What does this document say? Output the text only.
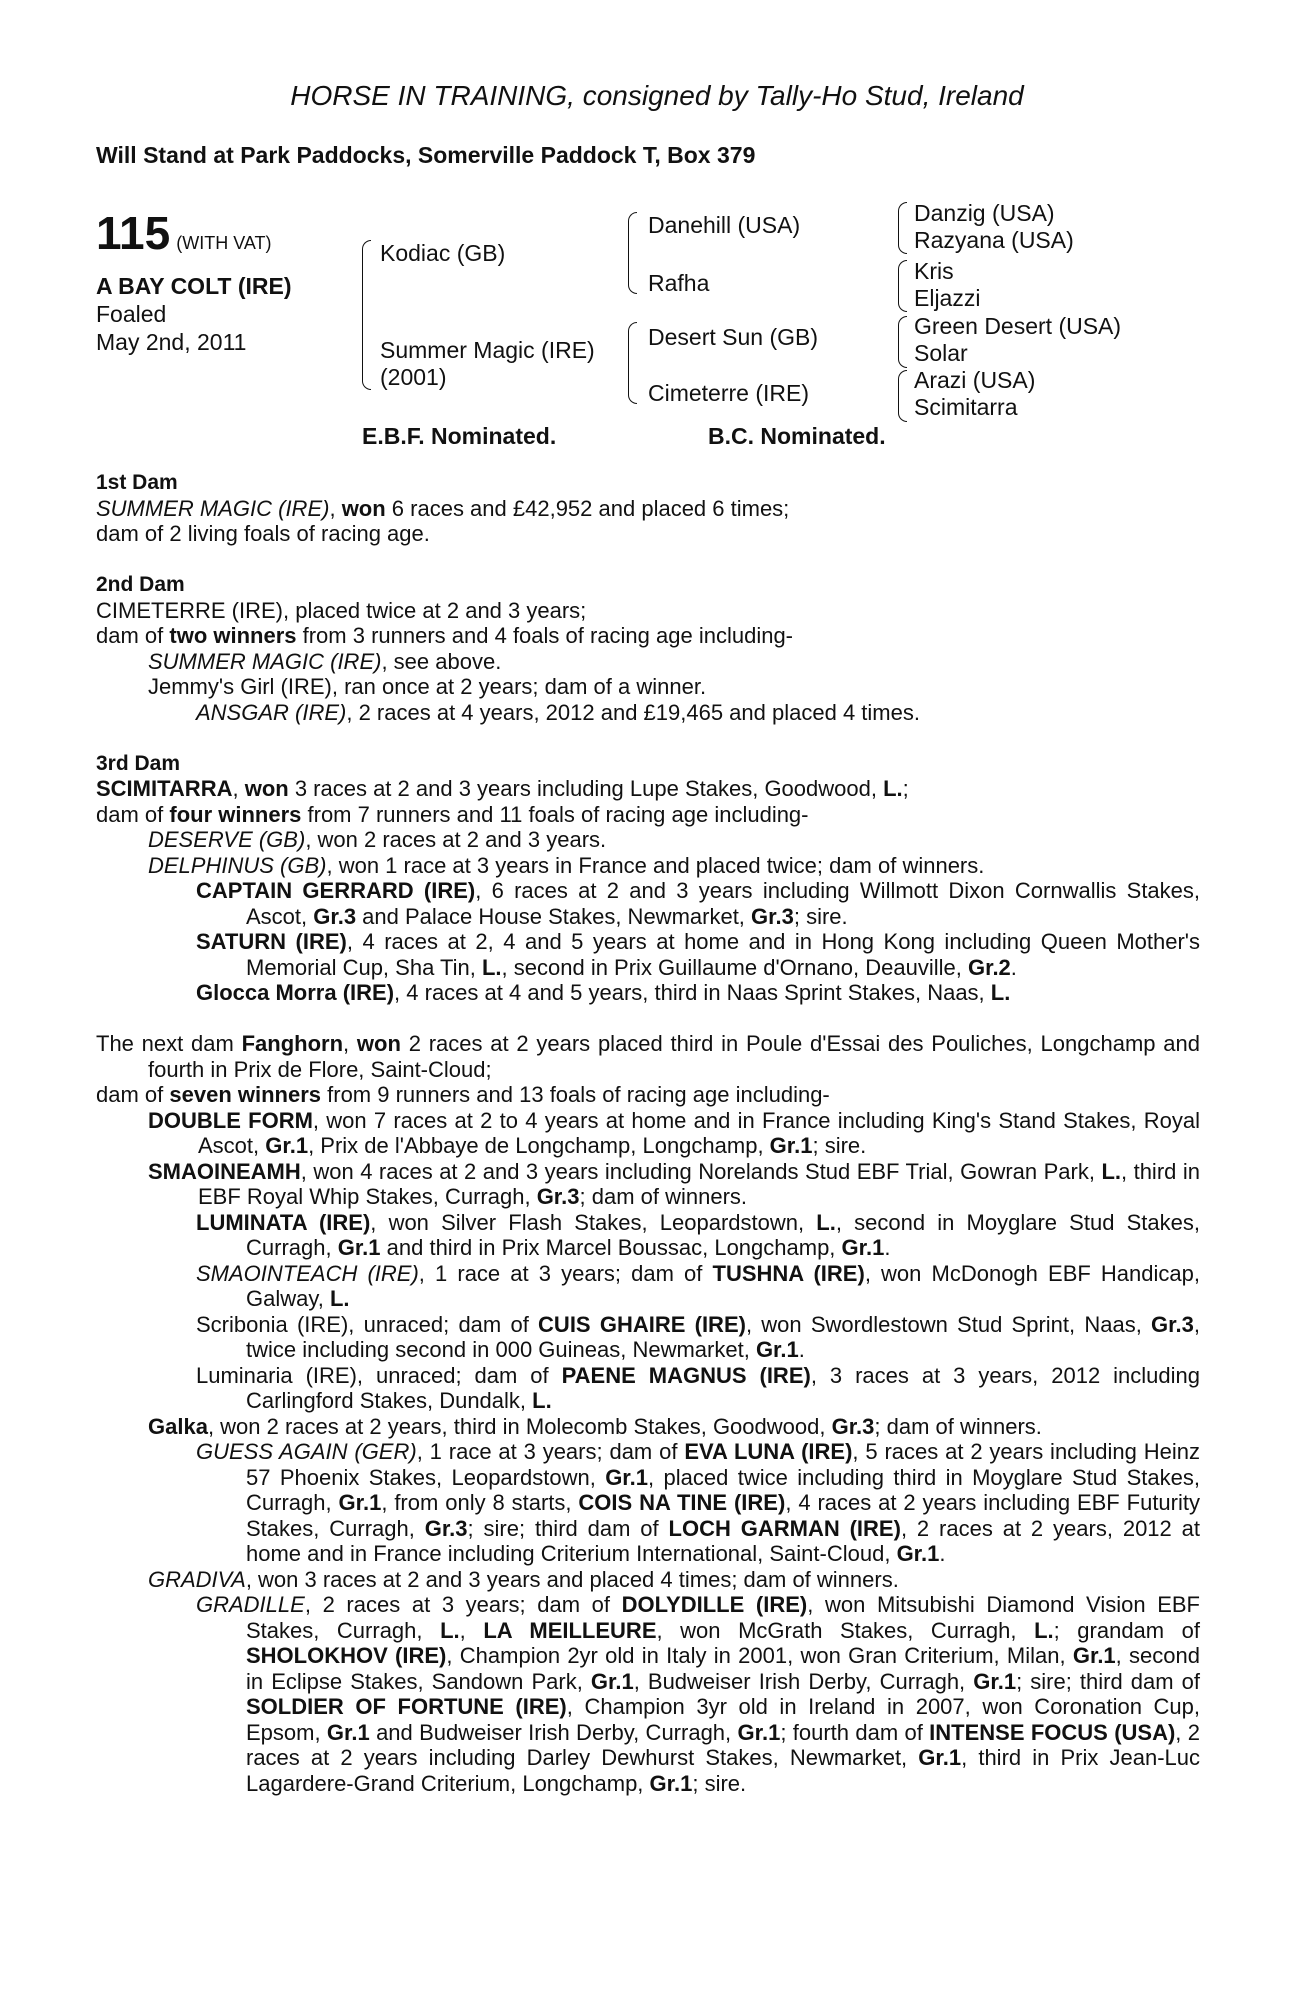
HORSE IN TRAINING, consigned by Tally-Ho Stud, Ireland
Will Stand at Park Paddocks, Somerville Paddock T, Box 379
115 (WITH VAT)
A BAY COLT (IRE)
Foaled
May 2nd, 2011
Kodiac (GB)
Summer Magic (IRE)
(2001)
Danehill (USA)
Rafha
Desert Sun (GB)
Cimeterre (IRE)
Danzig (USA)
Razyana (USA)
Kris
Eljazzi
Green Desert (USA)
Solar
Arazi (USA)
Scimitarra
E.B.F. Nominated.	B.C. Nominated.
1st Dam

SUMMER MAGIC (IRE), won 6 races and £42,952 and placed 6 times;

dam of 2 living foals of racing age.

2nd Dam

CIMETERRE (IRE), placed twice at 2 and 3 years;

dam of two winners from 3 runners and 4 foals of racing age including-

SUMMER MAGIC (IRE), see above.

Jemmy's Girl (IRE), ran once at 2 years; dam of a winner.

ANSGAR (IRE), 2 races at 4 years, 2012 and £19,465 and placed 4 times.

3rd Dam

SCIMITARRA, won 3 races at 2 and 3 years including Lupe Stakes, Goodwood, L.;

dam of four winners from 7 runners and 11 foals of racing age including-

DESERVE (GB), won 2 races at 2 and 3 years.

DELPHINUS (GB), won 1 race at 3 years in France and placed twice; dam of winners.

CAPTAIN GERRARD (IRE), 6 races at 2 and 3 years including Willmott Dixon Cornwallis Stakes, Ascot, Gr.3 and Palace House Stakes, Newmarket, Gr.3; sire.

SATURN (IRE), 4 races at 2, 4 and 5 years at home and in Hong Kong including Queen Mother's Memorial Cup, Sha Tin, L., second in Prix Guillaume d'Ornano, Deauville, Gr.2.

Glocca Morra (IRE), 4 races at 4 and 5 years, third in Naas Sprint Stakes, Naas, L.

The next dam Fanghorn, won 2 races at 2 years placed third in Poule d'Essai des Pouliches, Longchamp and fourth in Prix de Flore, Saint-Cloud;

dam of seven winners from 9 runners and 13 foals of racing age including-

DOUBLE FORM, won 7 races at 2 to 4 years at home and in France including King's Stand Stakes, Royal Ascot, Gr.1, Prix de l'Abbaye de Longchamp, Longchamp, Gr.1; sire.

SMAOINEAMH, won 4 races at 2 and 3 years including Norelands Stud EBF Trial, Gowran Park, L., third in EBF Royal Whip Stakes, Curragh, Gr.3; dam of winners.

LUMINATA (IRE), won Silver Flash Stakes, Leopardstown, L., second in Moyglare Stud Stakes, Curragh, Gr.1 and third in Prix Marcel Boussac, Longchamp, Gr.1.

SMAOINTEACH (IRE), 1 race at 3 years; dam of TUSHNA (IRE), won McDonogh EBF Handicap, Galway, L.

Scribonia (IRE), unraced; dam of CUIS GHAIRE (IRE), won Swordlestown Stud Sprint, Naas, Gr.3, twice including second in 000 Guineas, Newmarket, Gr.1.

Luminaria (IRE), unraced; dam of PAENE MAGNUS (IRE), 3 races at 3 years, 2012 including Carlingford Stakes, Dundalk, L.

Galka, won 2 races at 2 years, third in Molecomb Stakes, Goodwood, Gr.3; dam of winners.

GUESS AGAIN (GER), 1 race at 3 years; dam of EVA LUNA (IRE), 5 races at 2 years including Heinz 57 Phoenix Stakes, Leopardstown, Gr.1, placed twice including third in Moyglare Stud Stakes, Curragh, Gr.1, from only 8 starts, COIS NA TINE (IRE), 4 races at 2 years including EBF Futurity Stakes, Curragh, Gr.3; sire; third dam of LOCH GARMAN (IRE), 2 races at 2 years, 2012 at home and in France including Criterium International, Saint-Cloud, Gr.1.

GRADIVA, won 3 races at 2 and 3 years and placed 4 times; dam of winners.

GRADILLE, 2 races at 3 years; dam of DOLYDILLE (IRE), won Mitsubishi Diamond Vision EBF Stakes, Curragh, L., LA MEILLEURE, won McGrath Stakes, Curragh, L.; grandam of SHOLOKHOV (IRE), Champion 2yr old in Italy in 2001, won Gran Criterium, Milan, Gr.1, second in Eclipse Stakes, Sandown Park, Gr.1, Budweiser Irish Derby, Curragh, Gr.1; sire; third dam of SOLDIER OF FORTUNE (IRE), Champion 3yr old in Ireland in 2007, won Coronation Cup, Epsom, Gr.1 and Budweiser Irish Derby, Curragh, Gr.1; fourth dam of INTENSE FOCUS (USA), 2 races at 2 years including Darley Dewhurst Stakes, Newmarket, Gr.1, third in Prix Jean-Luc Lagardere-Grand Criterium, Longchamp, Gr.1; sire.
